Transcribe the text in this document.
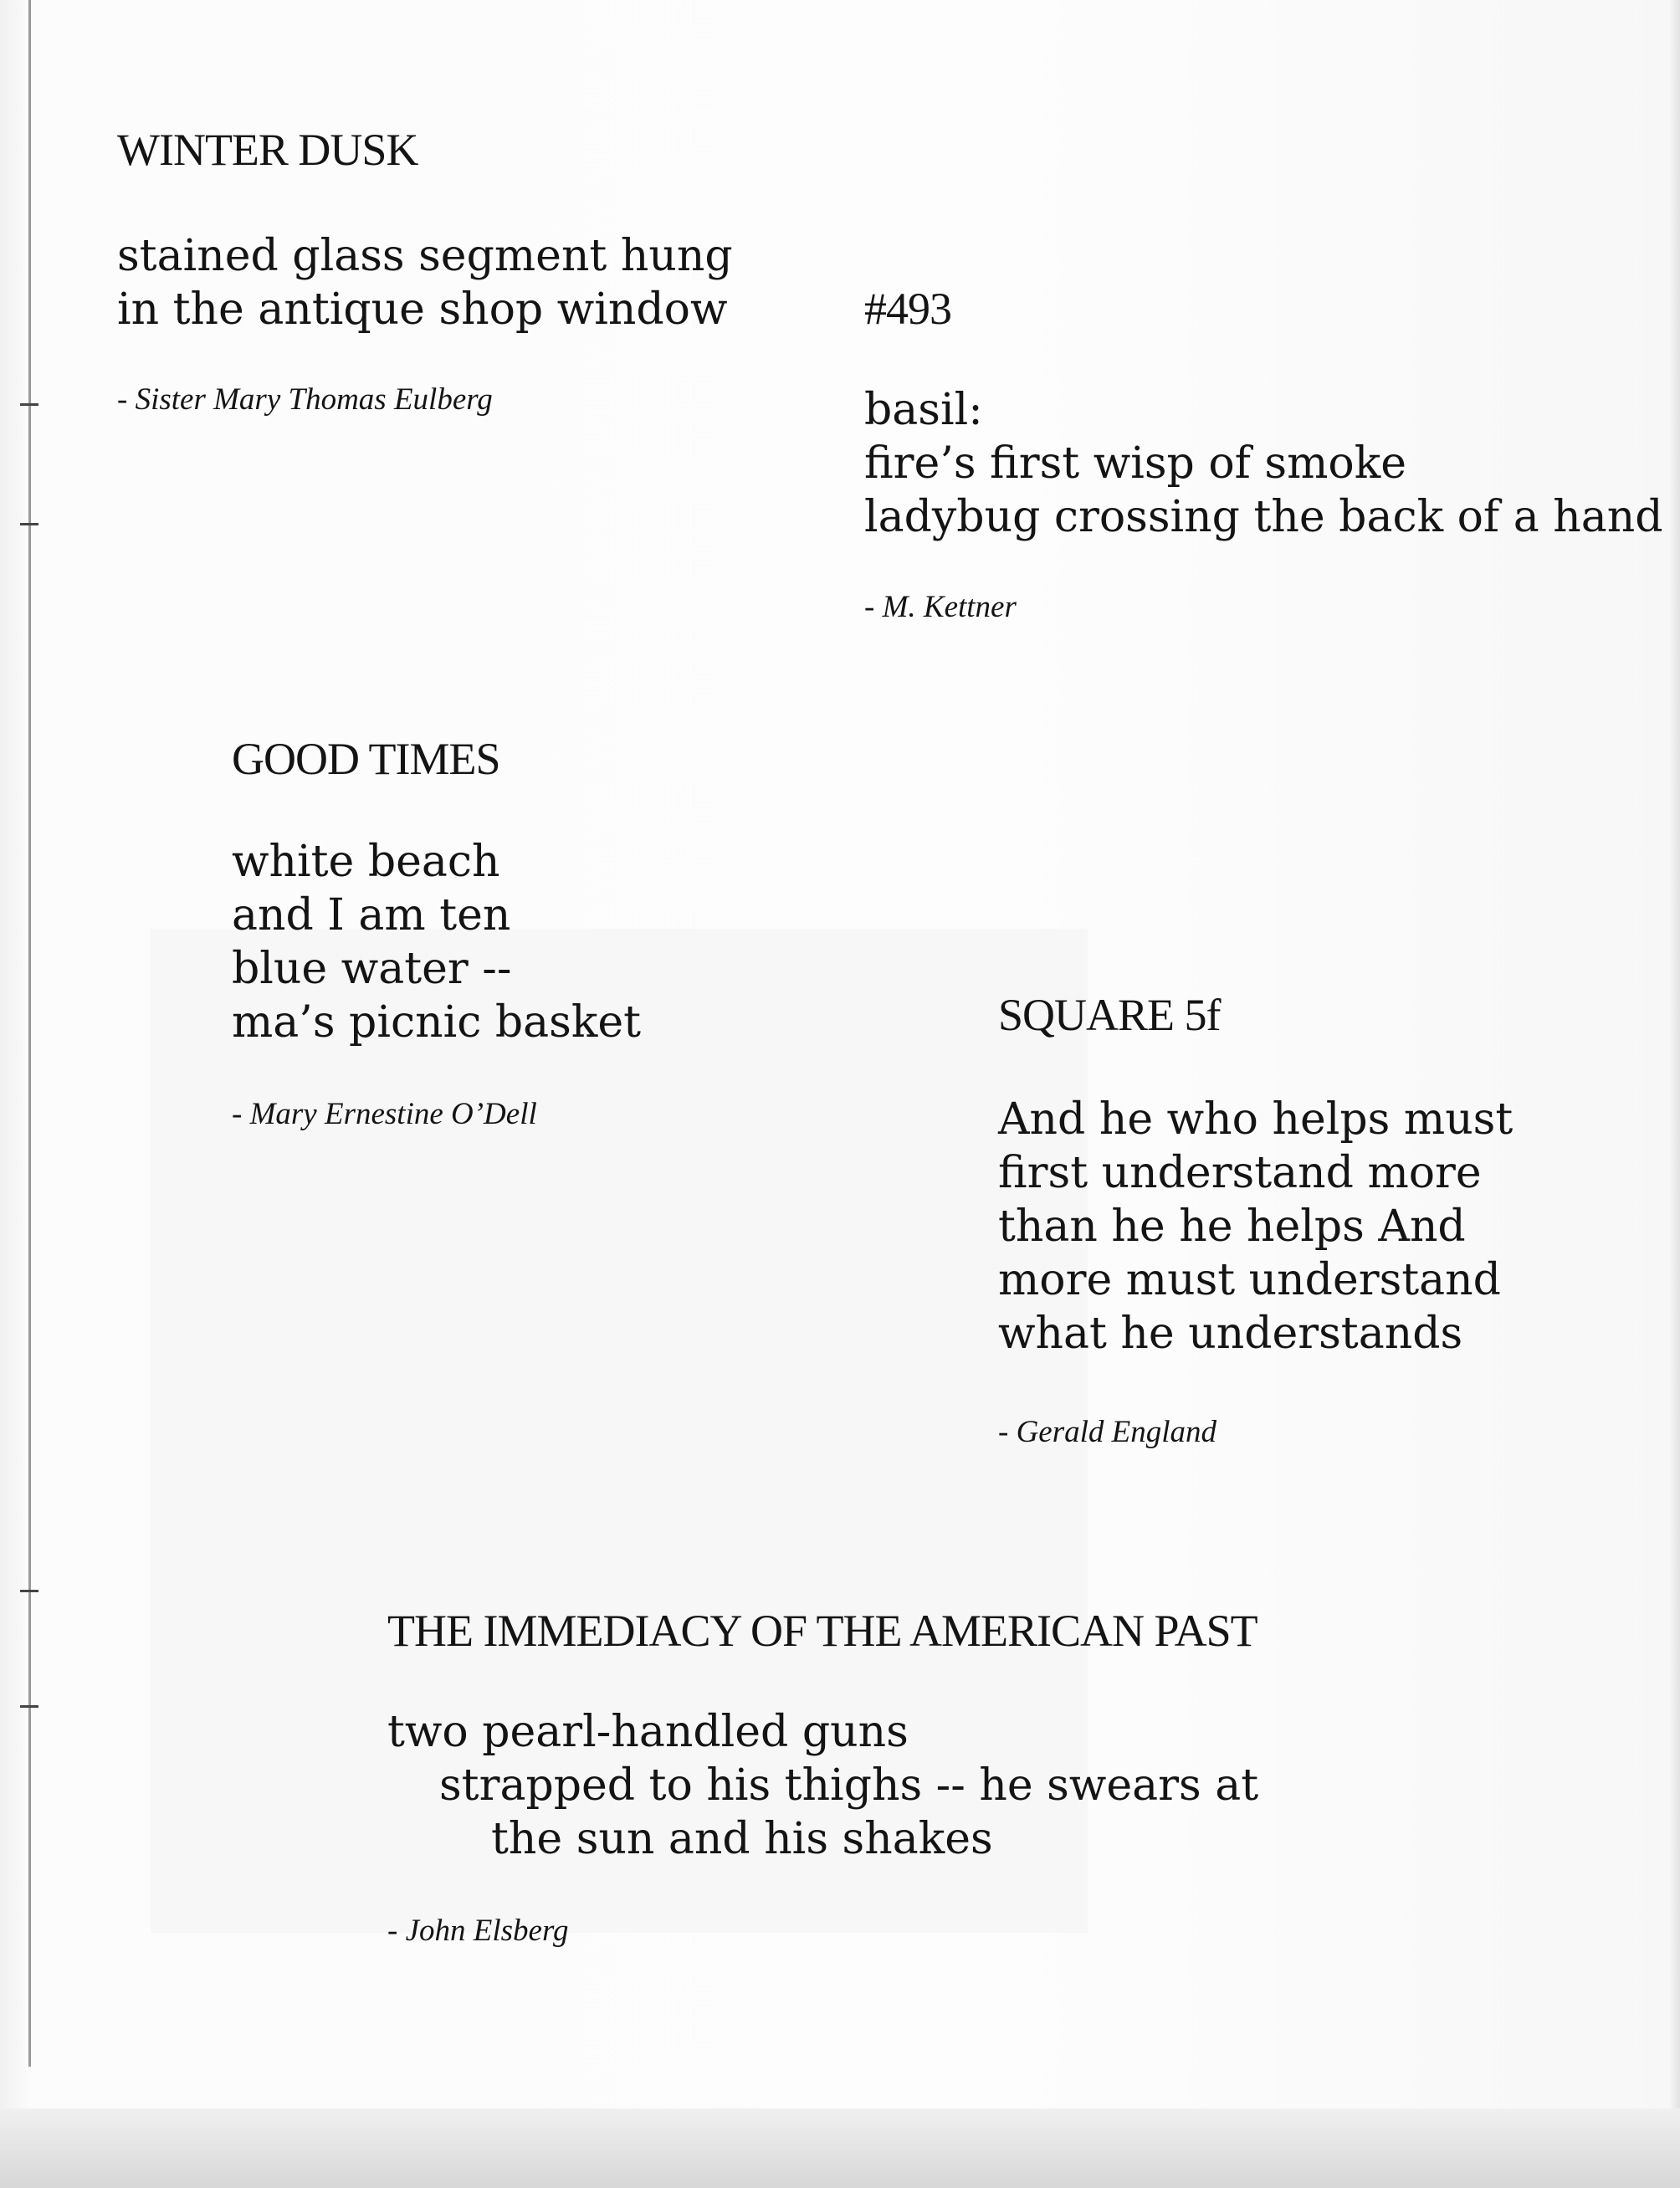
WINTER DUSK

stained glass segment hung

in the antique shop window

- Sister Mary Thomas Eulberg

#493

basil:

fire’s first wisp of smoke

ladybug crossing the back of a hand

- M. Kettner

GOOD TIMES

white beach

and I am ten

blue water --

ma’s picnic basket

- Mary Ernestine O’Dell

SQUARE 5f

And he who helps must

first understand more

than he he helps And

more must understand

what he understands

- Gerald England

THE IMMEDIACY OF THE AMERICAN PAST

two pearl-handled guns

strapped to his thighs -- he swears at

the sun and his shakes

- John Elsberg
